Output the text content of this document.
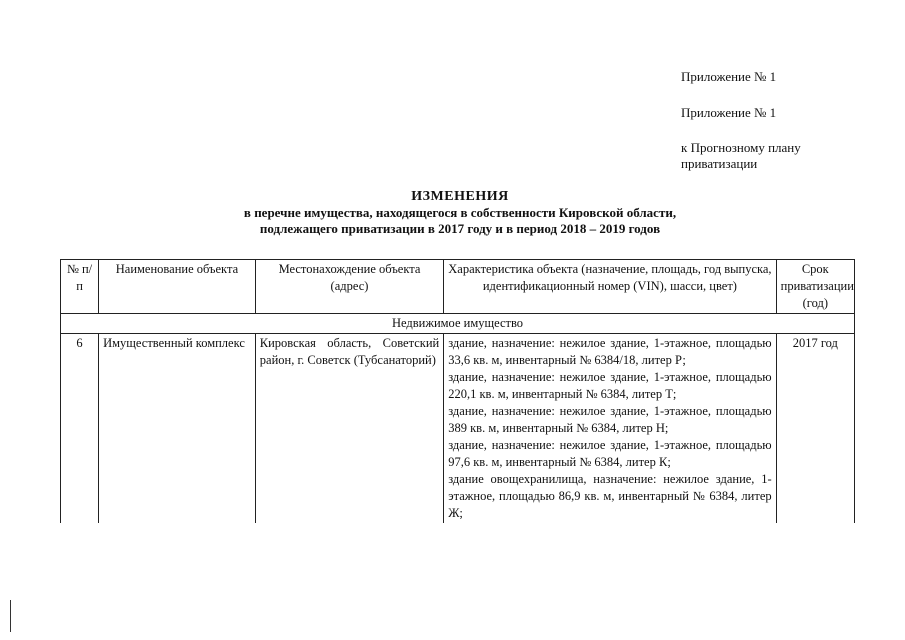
Приложение № 1
Приложение № 1
к Прогнозному плану приватизации
ИЗМЕНЕНИЯ
в перечне имущества, находящегося в собственности Кировской области,
подлежащего приватизации в 2017 году и в период 2018 – 2019 годов
№ п/п	Наименование объекта	Местонахождение объекта (адрес)	Характеристика объекта (назначение, площадь, год выпуска, идентификационный номер (VIN), шасси, цвет)	Срок приватизации (год)
Недвижимое имущество				
6	Имущественный комплекс	Кировская область, Советский район, г. Советск (Тубсанаторий)	здание, назначение: нежилое здание, 1-этажное, площадью 33,6 кв. м, инвентарный № 6384/18, литер Р;
здание, назначение: нежилое здание, 1-этажное, площадью 220,1 кв. м, инвентарный № 6384, литер Т;
здание, назначение: нежилое здание, 1-этажное, площадью 389 кв. м, инвентарный № 6384, литер Н;
здание, назначение: нежилое здание, 1-этажное, площадью 97,6 кв. м, инвентарный № 6384, литер К;
здание овощехранилища, назначение: нежилое здание, 1-этажное, площадью 86,9 кв. м, инвентарный № 6384, литер Ж;	2017 год
